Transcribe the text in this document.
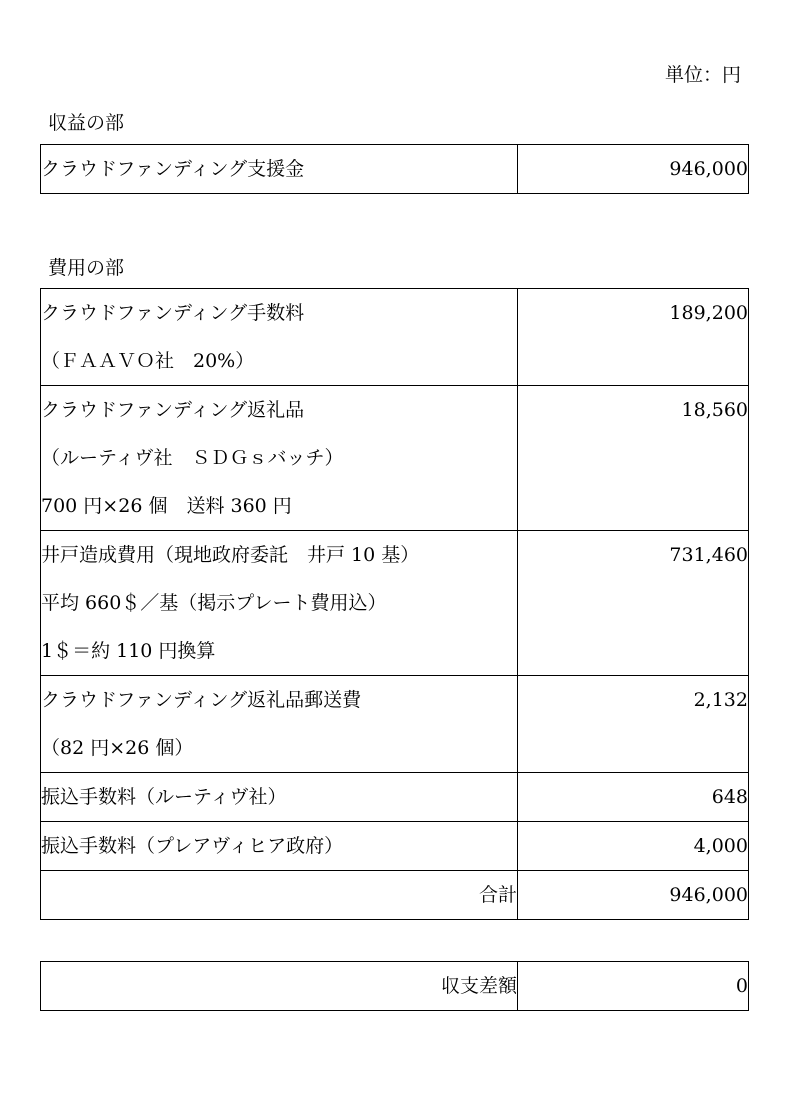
単位：円
収益の部
クラウドファンディング支援金	946,000
費用の部
クラウドファンディング手数料
（ＦＡＡＶＯ社　20%）	189,200

クラウドファンディング返礼品
（ルーティヴ社　ＳＤＧｓバッチ）
700 円×26 個　送料 360 円	18,560

井戸造成費用（現地政府委託　井戸 10 基）
平均 660＄／基（掲示プレート費用込）
1＄＝約 110 円換算	731,460

クラウドファンディング返礼品郵送費
（82 円×26 個）	2,132

振込手数料（ルーティヴ社）	648

振込手数料（プレアヴィヒア政府）	4,000

合計	946,000
収支差額	0
